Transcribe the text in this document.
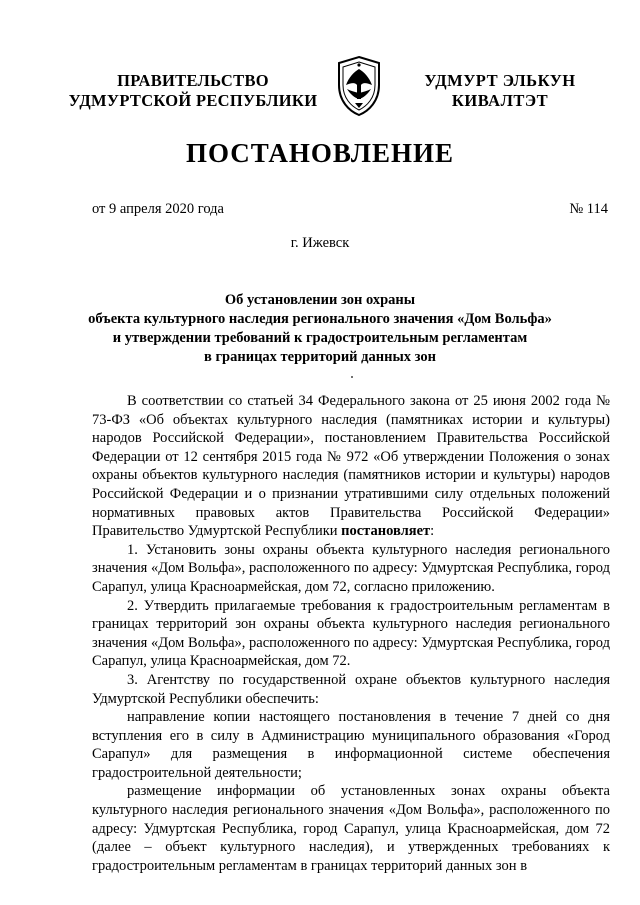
ПРАВИТЕЛЬСТВО
УДМУРТСКОЙ РЕСПУБЛИКИ
УДМУРТ ЭЛЬКУН
КИВАЛТЭТ
ПОСТАНОВЛЕНИЕ
от 9 апреля 2020 года	№ 114
г. Ижевск
Об установлении зон охраны
объекта культурного наследия регионального значения «Дом Вольфа»
и утверждении требований к градостроительным регламентам
в границах территорий данных зон

В соответствии со статьей 34 Федерального закона от 25 июня 2002 года № 73-ФЗ «Об объектах культурного наследия (памятниках истории и культуры) народов Российской Федерации», постановлением Правительства Российской Федерации от 12 сентября 2015 года № 972 «Об утверждении Положения о зонах охраны объектов культурного наследия (памятников истории и культуры) народов Российской Федерации и о признании утратившими силу отдельных положений нормативных правовых актов Правительства Российской Федерации» Правительство Удмуртской Республики постановляет:

1. Установить зоны охраны объекта культурного наследия регионального значения «Дом Вольфа», расположенного по адресу: Удмуртская Республика, город Сарапул, улица Красноармейская, дом 72, согласно приложению.

2. Утвердить прилагаемые требования к градостроительным регламентам в границах территорий зон охраны объекта культурного наследия регионального значения «Дом Вольфа», расположенного по адресу: Удмуртская Республика, город Сарапул, улица Красноармейская, дом 72.

3. Агентству по государственной охране объектов культурного наследия Удмуртской Республики обеспечить:

направление копии настоящего постановления в течение 7 дней со дня вступления его в силу в Администрацию муниципального образования «Город Сарапул» для размещения в информационной системе обеспечения градостроительной деятельности;

размещение информации об установленных зонах охраны объекта культурного наследия регионального значения «Дом Вольфа», расположенного по адресу: Удмуртская Республика, город Сарапул, улица Красноармейская, дом 72 (далее – объект культурного наследия), и утвержденных требованиях к градостроительным регламентам в границах территорий данных зон в
